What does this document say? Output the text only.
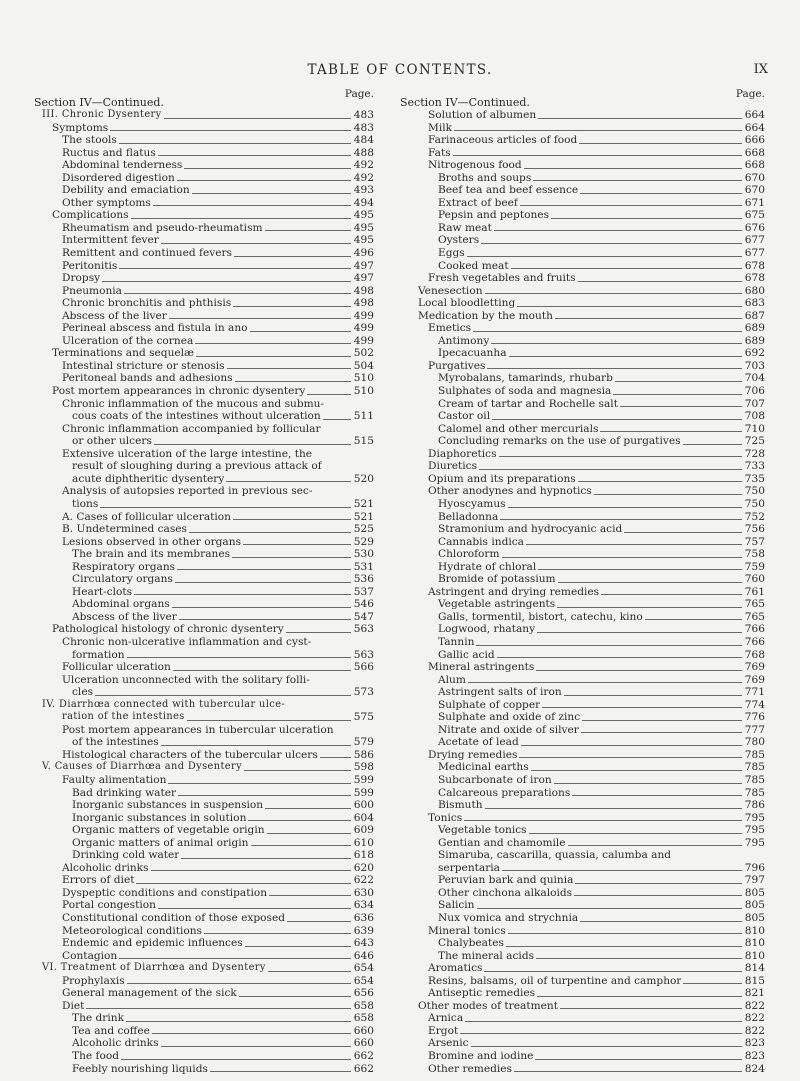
TABLE OF CONTENTS.	IX
Section IV—Continued.
Page.
III. Chronic Dysentery	483
Symptoms	483
The stools	484
Ructus and flatus	488
Abdominal tenderness	492
Disordered digestion	492
Debility and emaciation	493
Other symptoms	494
Complications	495
Rheumatism and pseudo-rheumatism	495
Intermittent fever	495
Remittent and continued fevers	496
Peritonitis	497
Dropsy	497
Pneumonia	498
Chronic bronchitis and phthisis	498
Abscess of the liver	499
Perineal abscess and fistula in ano	499
Ulceration of the cornea	499
Terminations and sequelæ	502
Intestinal stricture or stenosis	504
Peritoneal bands and adhesions	510
Post mortem appearances in chronic dysentery	510
Chronic inflammation of the mucous and submu-
cous coats of the intestines without ulceration	511
Chronic inflammation accompanied by follicular
or other ulcers	515
Extensive ulceration of the large intestine, the
result of sloughing during a previous attack of
acute diphtheritic dysentery	520
Analysis of autopsies reported in previous sec-
tions	521
A. Cases of follicular ulceration	521
B. Undetermined cases	525
Lesions observed in other organs	529
The brain and its membranes	530
Respiratory organs	531
Circulatory organs	536
Heart-clots	537
Abdominal organs	546
Abscess of the liver	547
Pathological histology of chronic dysentery	563
Chronic non-ulcerative inflammation and cyst-
formation	563
Follicular ulceration	566
Ulceration unconnected with the solitary folli-
cles	573
IV. Diarrhœa connected with tubercular ulce-
ration of the intestines	575
Post mortem appearances in tubercular ulceration
of the intestines	579
Histological characters of the tubercular ulcers	586
V. Causes of Diarrhœa and Dysentery	598
Faulty alimentation	599
Bad drinking water	599
Inorganic substances in suspension	600
Inorganic substances in solution	604
Organic matters of vegetable origin	609
Organic matters of animal origin	610
Drinking cold water	618
Alcoholic drinks	620
Errors of diet	622
Dyspeptic conditions and constipation	630
Portal congestion	634
Constitutional condition of those exposed	636
Meteorological conditions	639
Endemic and epidemic influences	643
Contagion	646
VI. Treatment of Diarrhœa and Dysentery	654
Prophylaxis	654
General management of the sick	656
Diet	658
The drink	658
Tea and coffee	660
Alcoholic drinks	660
The food	662
Feebly nourishing liquids	662
Section IV—Continued.
Page.
Solution of albumen	664
Milk	664
Farinaceous articles of food	666
Fats	668
Nitrogenous food	668
Broths and soups	670
Beef tea and beef essence	670
Extract of beef	671
Pepsin and peptones	675
Raw meat	676
Oysters	677
Eggs	677
Cooked meat	678
Fresh vegetables and fruits	678
Venesection	680
Local bloodletting	683
Medication by the mouth	687
Emetics	689
Antimony	689
Ipecacuanha	692
Purgatives	703
Myrobalans, tamarinds, rhubarb	704
Sulphates of soda and magnesia	706
Cream of tartar and Rochelle salt	707
Castor oil	708
Calomel and other mercurials	710
Concluding remarks on the use of purgatives	725
Diaphoretics	728
Diuretics	733
Opium and its preparations	735
Other anodynes and hypnotics	750
Hyoscyamus	750
Belladonna	752
Stramonium and hydrocyanic acid	756
Cannabis indica	757
Chloroform	758
Hydrate of chloral	759
Bromide of potassium	760
Astringent and drying remedies	761
Vegetable astringents	765
Galls, tormentil, bistort, catechu, kino	765
Logwood, rhatany	766
Tannin	766
Gallic acid	768
Mineral astringents	769
Alum	769
Astringent salts of iron	771
Sulphate of copper	774
Sulphate and oxide of zinc	776
Nitrate and oxide of silver	777
Acetate of lead	780
Drying remedies	785
Medicinal earths	785
Subcarbonate of iron	785
Calcareous preparations	785
Bismuth	786
Tonics	795
Vegetable tonics	795
Gentian and chamomile	795
Simaruba, cascarilla, quassia, calumba and
serpentaria	796
Peruvian bark and quinia	797
Other cinchona alkaloids	805
Salicin	805
Nux vomica and strychnia	805
Mineral tonics	810
Chalybeates	810
The mineral acids	810
Aromatics	814
Resins, balsams, oil of turpentine and camphor	815
Antiseptic remedies	821
Other modes of treatment	822
Arnica	822
Ergot	822
Arsenic	823
Bromine and iodine	823
Other remedies	824
